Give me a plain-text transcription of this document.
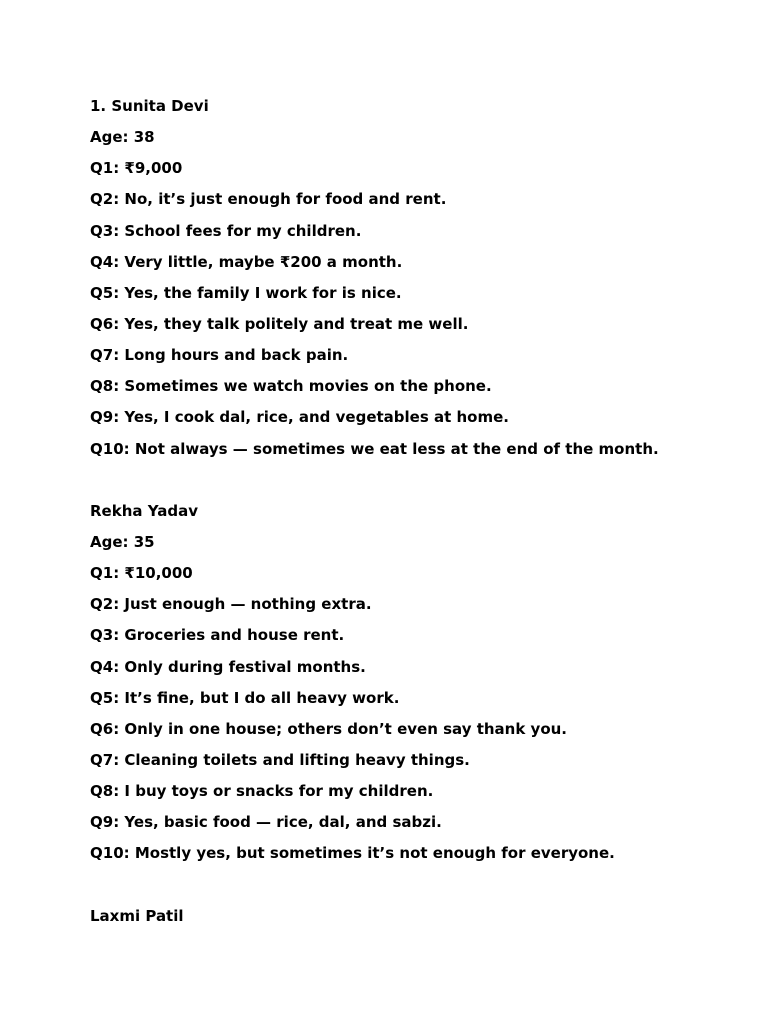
1. Sunita Devi
Age: 38
Q1: ₹9,000
Q2: No, it’s just enough for food and rent.
Q3: School fees for my children.
Q4: Very little, maybe ₹200 a month.
Q5: Yes, the family I work for is nice.
Q6: Yes, they talk politely and treat me well.
Q7: Long hours and back pain.
Q8: Sometimes we watch movies on the phone.
Q9: Yes, I cook dal, rice, and vegetables at home.
Q10: Not always — sometimes we eat less at the end of the month.
Rekha Yadav
Age: 35
Q1: ₹10,000
Q2: Just enough — nothing extra.
Q3: Groceries and house rent.
Q4: Only during festival months.
Q5: It’s fine, but I do all heavy work.
Q6: Only in one house; others don’t even say thank you.
Q7: Cleaning toilets and lifting heavy things.
Q8: I buy toys or snacks for my children.
Q9: Yes, basic food — rice, dal, and sabzi.
Q10: Mostly yes, but sometimes it’s not enough for everyone.
Laxmi Patil
